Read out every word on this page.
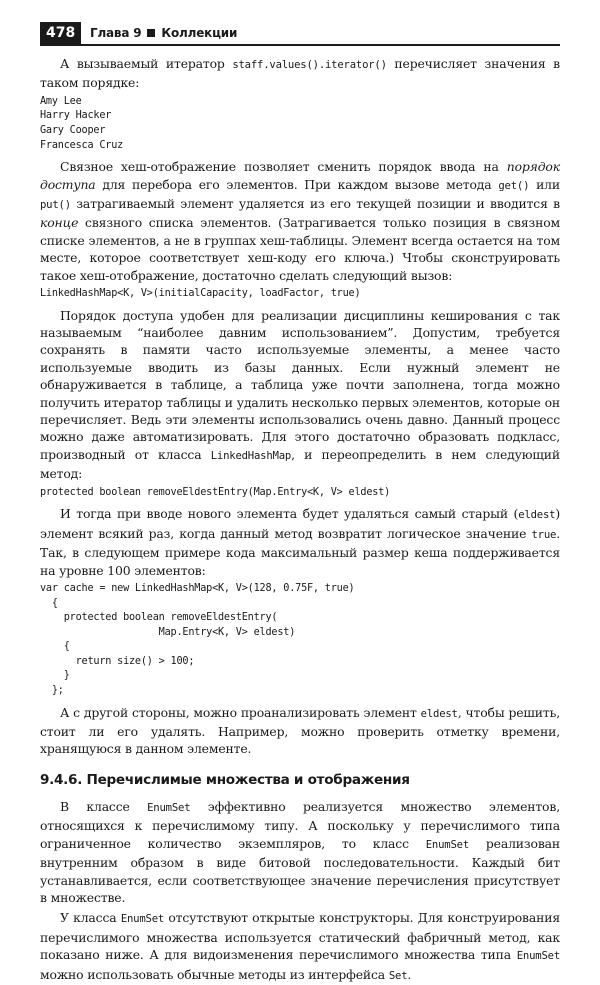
478	Глава 9 Коллекции

А вызываемый итератор staff.values().iterator() перечисляет значения в таком порядке:

Amy Lee
Harry Hacker
Gary Cooper
Francesca Cruz

Связное хеш-отображение позволяет сменить порядок ввода на порядок доступа для перебора его элементов. При каждом вызове метода get() или put() затрагиваемый элемент удаляется из его текущей позиции и вводится в конце связного списка элементов. (Затрагивается только позиция в связном списке элементов, а не в группах хеш-таблицы. Элемент всегда остается на том месте, которое соответствует хеш-коду его ключа.) Чтобы сконструировать такое хеш-отображение, достаточно сделать следующий вызов:

LinkedHashMap<K, V>(initialCapacity, loadFactor, true)

Порядок доступа удобен для реализации дисциплины кеширования с так называемым “наиболее давним использованием”. Допустим, требуется сохранять в памяти часто используемые элементы, а менее часто используемые вводить из базы данных. Если нужный элемент не обнаруживается в таблице, а таблица уже почти заполнена, тогда можно получить итератор таблицы и удалить несколько первых элементов, которые он перечисляет. Ведь эти элементы использовались очень давно. Данный процесс можно даже автоматизировать. Для этого достаточно образовать подкласс, производный от класса LinkedHashMap, и переопределить в нем следующий метод:

protected boolean removeEldestEntry(Map.Entry<K, V> eldest)

И тогда при вводе нового элемента будет удаляться самый старый (eldest) элемент всякий раз, когда данный метод возвратит логическое значение true. Так, в следующем примере кода максимальный размер кеша поддерживается на уровне 100 элементов:

var cache = new LinkedHashMap<K, V>(128, 0.75F, true)
{
protected boolean removeEldestEntry(
Map.Entry<K, V> eldest)
{
return size() > 100;
}
};

А с другой стороны, можно проанализировать элемент eldest, чтобы решить, стоит ли его удалять. Например, можно проверить отметку времени, хранящуюся в данном элементе.

9.4.6. Перечислимые множества и отображения

В классе EnumSet эффективно реализуется множество элементов, относящихся к перечислимому типу. А поскольку у перечислимого типа ограниченное количество экземпляров, то класс EnumSet реализован внутренним образом в виде битовой последовательности. Каждый бит устанавливается, если соответствующее значение перечисления присутствует в множестве.

У класса EnumSet отсутствуют открытые конструкторы. Для конструирования перечислимого множества используется статический фабричный метод, как показано ниже. А для видоизменения перечислимого множества типа EnumSet можно использовать обычные методы из интерфейса Set.
